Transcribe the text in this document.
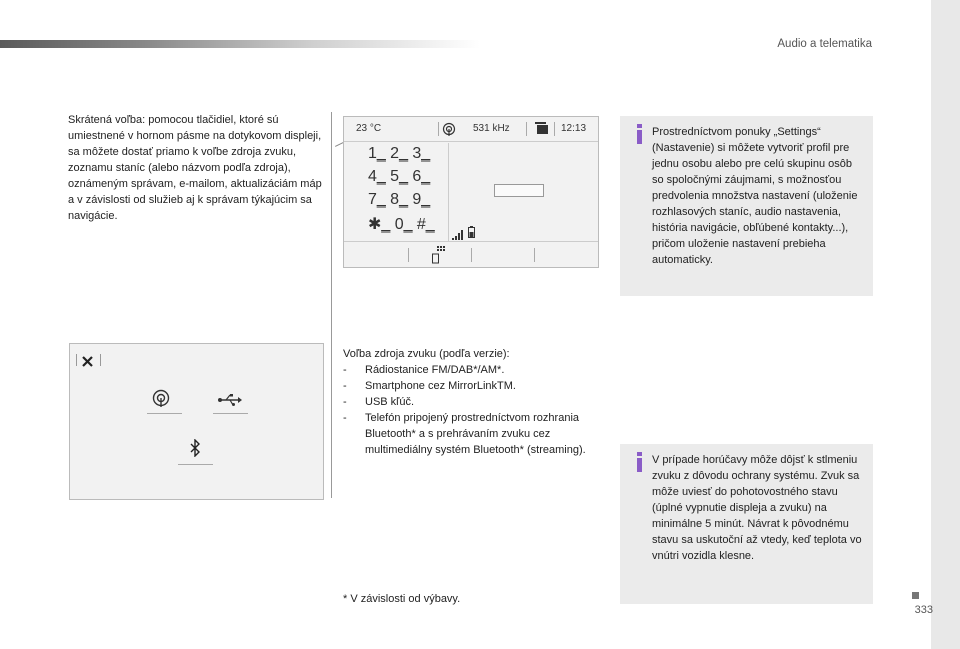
Audio a telematika
Skrátená voľba: pomocou tlačidiel, ktoré sú umiestnené v hornom pásme na dotykovom displeji, sa môžete dostať priamo k voľbe zdroja zvuku, zoznamu staníc (alebo názvom podľa zdroja), oznámeným správam, e-mailom, aktualizáciám máp a v závislosti od služieb aj k správam týkajúcim sa navigácie.
23 °C	531 kHz	12:13
1‗ 2‗ 3‗
4‗ 5‗ 6‗
7‗ 8‗ 9‗
✱‗ 0‗ #‗
Prostredníctvom ponuky „Settings“ (Nastavenie) si môžete vytvoriť profil pre jednu osobu alebo pre celú skupinu osôb so spoločnými záujmami, s možnosťou predvolenia množstva nastavení (uloženie rozhlasových staníc, audio nastavenia, história navigácie, obľúbené kontakty...), pričom uloženie nastavení prebieha automaticky.
Voľba zdroja zvuku (podľa verzie):
- Rádiostanice FM/DAB*/AM*.
- Smartphone cez MirrorLinkTM.
- USB kľúč.
- Telefón pripojený prostredníctvom rozhrania Bluetooth* a s prehrávaním zvuku cez multimediálny systém Bluetooth* (streaming).
V prípade horúčavy môže dôjsť k stlmeniu zvuku z dôvodu ochrany systému. Zvuk sa môže uviesť do pohotovostného stavu (úplné vypnutie displeja a zvuku) na minimálne 5 minút. Návrat k pôvodnému stavu sa uskutoční až vtedy, keď teplota vo vnútri vozidla klesne.
* V závislosti od výbavy.
333
